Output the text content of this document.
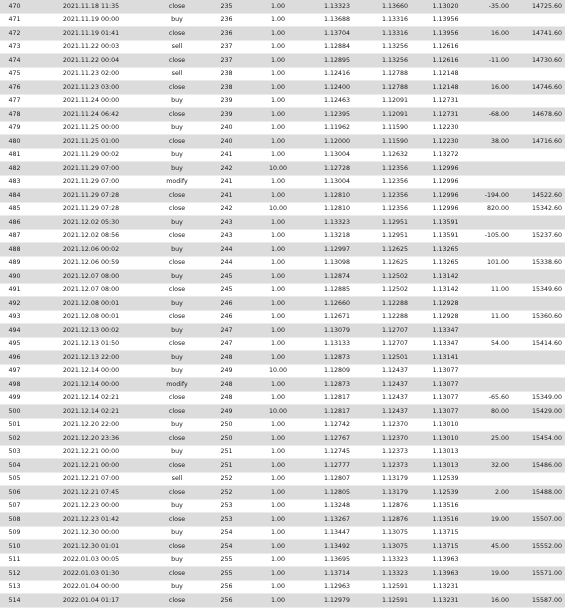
470	2021.11.18 11:35	close	235	1.00	1.13323	1.13660	1.13020	-35.00	14725.60
471	2021.11.19 00:00	buy	236	1.00	1.13688	1.13316	1.13956		
472	2021.11.19 01:41	close	236	1.00	1.13704	1.13316	1.13956	16.00	14741.60
473	2021.11.22 00:03	sell	237	1.00	1.12884	1.13256	1.12616		
474	2021.11.22 00:04	close	237	1.00	1.12895	1.13256	1.12616	-11.00	14730.60
475	2021.11.23 02:00	sell	238	1.00	1.12416	1.12788	1.12148		
476	2021.11.23 03:00	close	238	1.00	1.12400	1.12788	1.12148	16.00	14746.60
477	2021.11.24 00:00	buy	239	1.00	1.12463	1.12091	1.12731		
478	2021.11.24 06:42	close	239	1.00	1.12395	1.12091	1.12731	-68.00	14678.60
479	2021.11.25 00:00	buy	240	1.00	1.11962	1.11590	1.12230		
480	2021.11.25 01:00	close	240	1.00	1.12000	1.11590	1.12230	38.00	14716.60
481	2021.11.29 00:02	buy	241	1.00	1.13004	1.12632	1.13272		
482	2021.11.29 07:00	buy	242	10.00	1.12728	1.12356	1.12996		
483	2021.11.29 07:00	modify	241	1.00	1.13004	1.12356	1.12996		
484	2021.11.29 07:28	close	241	1.00	1.12810	1.12356	1.12996	-194.00	14522.60
485	2021.11.29 07:28	close	242	10.00	1.12810	1.12356	1.12996	820.00	15342.60
486	2021.12.02 05:30	buy	243	1.00	1.13323	1.12951	1.13591		
487	2021.12.02 08:56	close	243	1.00	1.13218	1.12951	1.13591	-105.00	15237.60
488	2021.12.06 00:02	buy	244	1.00	1.12997	1.12625	1.13265		
489	2021.12.06 00:59	close	244	1.00	1.13098	1.12625	1.13265	101.00	15338.60
490	2021.12.07 08:00	buy	245	1.00	1.12874	1.12502	1.13142		
491	2021.12.07 08:00	close	245	1.00	1.12885	1.12502	1.13142	11.00	15349.60
492	2021.12.08 00:01	buy	246	1.00	1.12660	1.12288	1.12928		
493	2021.12.08 00:01	close	246	1.00	1.12671	1.12288	1.12928	11.00	15360.60
494	2021.12.13 00:02	buy	247	1.00	1.13079	1.12707	1.13347		
495	2021.12.13 01:50	close	247	1.00	1.13133	1.12707	1.13347	54.00	15414.60
496	2021.12.13 22:00	buy	248	1.00	1.12873	1.12501	1.13141		
497	2021.12.14 00:00	buy	249	10.00	1.12809	1.12437	1.13077		
498	2021.12.14 00:00	modify	248	1.00	1.12873	1.12437	1.13077		
499	2021.12.14 02:21	close	248	1.00	1.12817	1.12437	1.13077	-65.60	15349.00
500	2021.12.14 02:21	close	249	10.00	1.12817	1.12437	1.13077	80.00	15429.00
501	2021.12.20 22:00	buy	250	1.00	1.12742	1.12370	1.13010		
502	2021.12.20 23:36	close	250	1.00	1.12767	1.12370	1.13010	25.00	15454.00
503	2021.12.21 00:00	buy	251	1.00	1.12745	1.12373	1.13013		
504	2021.12.21 00:00	close	251	1.00	1.12777	1.12373	1.13013	32.00	15486.00
505	2021.12.21 07:00	sell	252	1.00	1.12807	1.13179	1.12539		
506	2021.12.21 07:45	close	252	1.00	1.12805	1.13179	1.12539	2.00	15488.00
507	2021.12.23 00:00	buy	253	1.00	1.13248	1.12876	1.13516		
508	2021.12.23 01:42	close	253	1.00	1.13267	1.12876	1.13516	19.00	15507.00
509	2021.12.30 00:00	buy	254	1.00	1.13447	1.13075	1.13715		
510	2021.12.30 01:01	close	254	1.00	1.13492	1.13075	1.13715	45.00	15552.00
511	2022.01.03 00:05	buy	255	1.00	1.13695	1.13323	1.13963		
512	2022.01.03 01:30	close	255	1.00	1.13714	1.13323	1.13963	19.00	15571.00
513	2022.01.04 00:00	buy	256	1.00	1.12963	1.12591	1.13231		
514	2022.01.04 01:17	close	256	1.00	1.12979	1.12591	1.13231	16.00	15587.00
